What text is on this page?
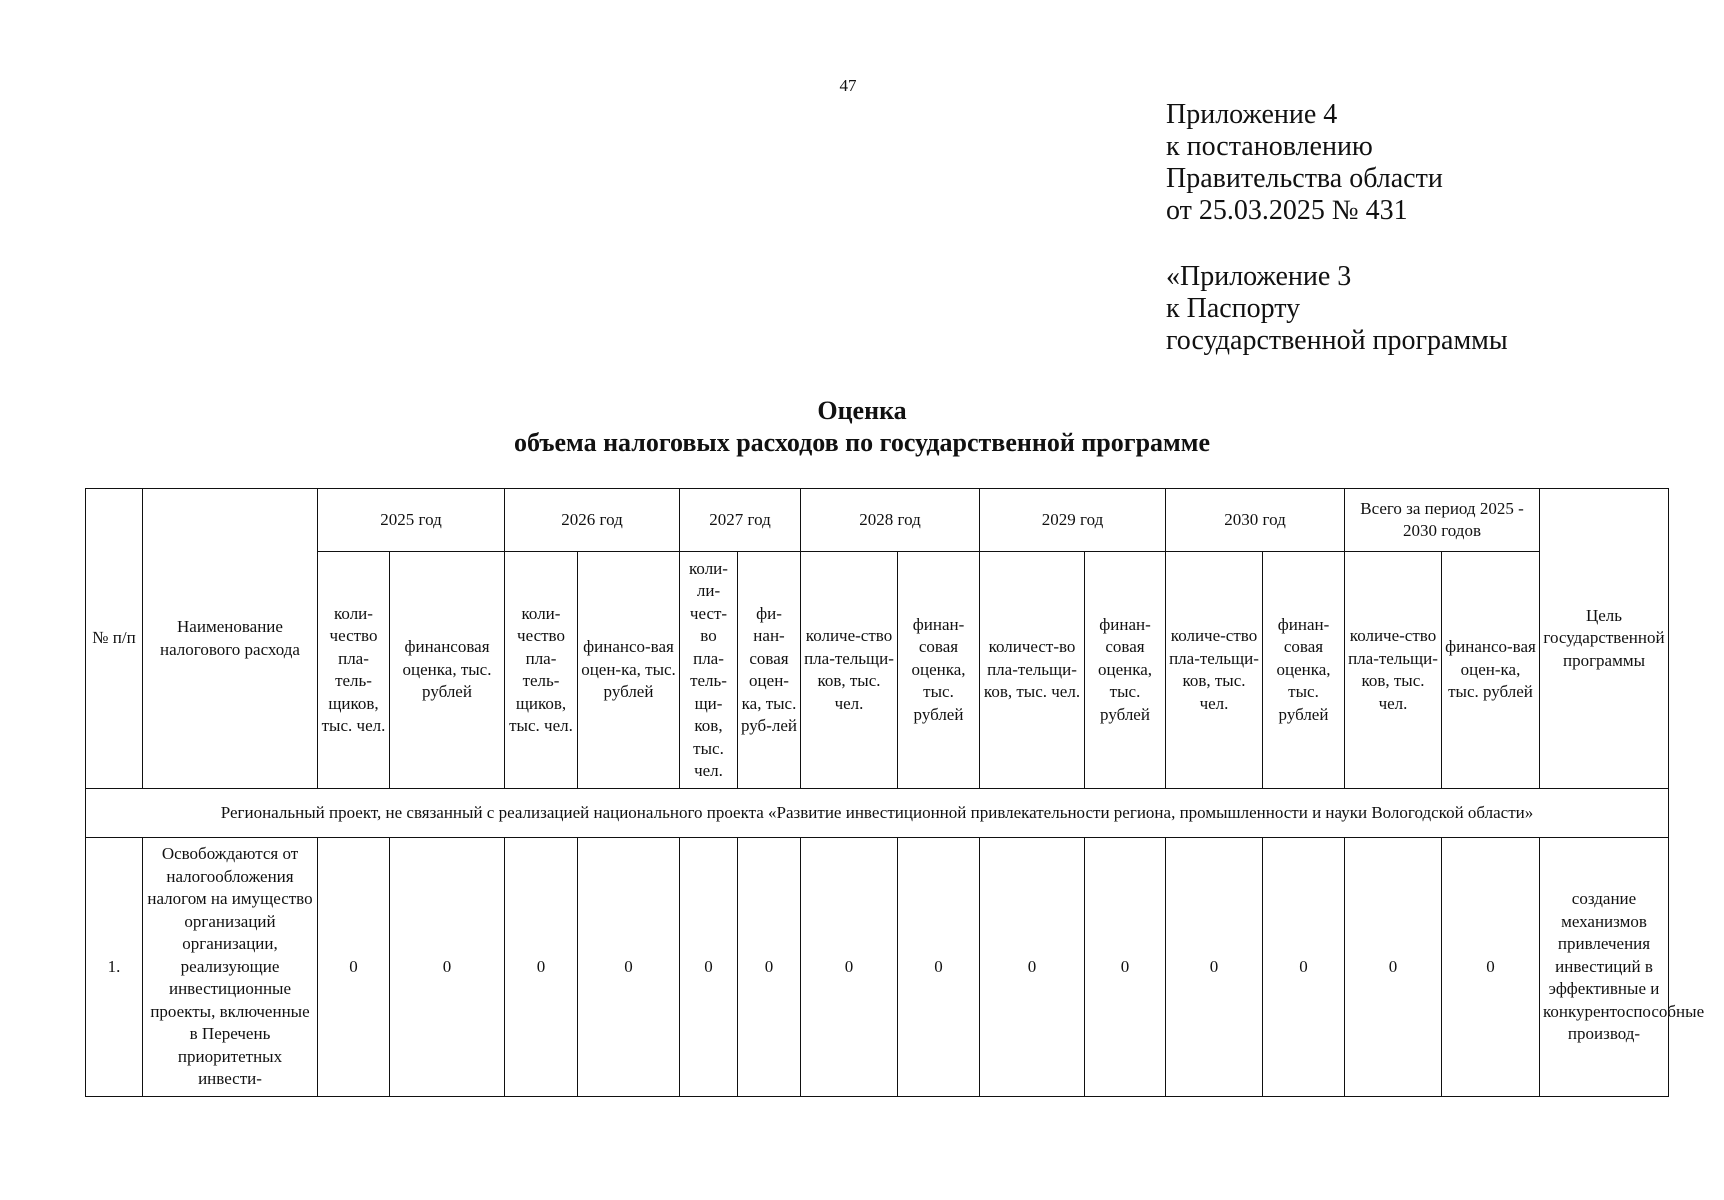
47
Приложение 4
к постановлению
Правительства области
от 25.03.2025 № 431
«Приложение 3
к Паспорту
государственной программы
Оценка
объема налоговых расходов по государственной программе
№ п/п	Наименование налогового расхода	2025 год		2026 год		2027 год		2028 год		2029 год		2030 год		Всего за период 2025 - 2030 годов		Цель государственной программы
		коли-чество пла-тель-щиков, тыс. чел.	финансовая оценка, тыс. рублей	коли-чество пла-тель-щиков, тыс. чел.	финансо-вая оцен-ка, тыс. рублей	коли-ли-чест-во пла-тель-щи-ков, тыс. чел.	фи-нан-совая оцен-ка, тыс. руб-лей	количе-ство пла-тельщи-ков, тыс. чел.	финан-совая оценка, тыс. рублей	количест-во пла-тельщи-ков, тыс. чел.	финан-совая оценка, тыс. рублей	количе-ство пла-тельщи-ков, тыс. чел.	финан-совая оценка, тыс. рублей	количе-ство пла-тельщи-ков, тыс. чел.	финансо-вая оцен-ка, тыс. рублей	
Региональный проект, не связанный с реализацией национального проекта «Развитие инвестиционной привлекательности региона, промышленности и науки Вологодской области»																
1.	Освобождаются от налогообложения налогом на имущество организаций организации, реализующие инвестиционные проекты, включенные в Перечень приоритетных инвести-	0	0	0	0	0	0	0	0	0	0	0	0	0	0	создание механизмов привлечения инвестиций в эффективные и конкурентоспособные производ-
